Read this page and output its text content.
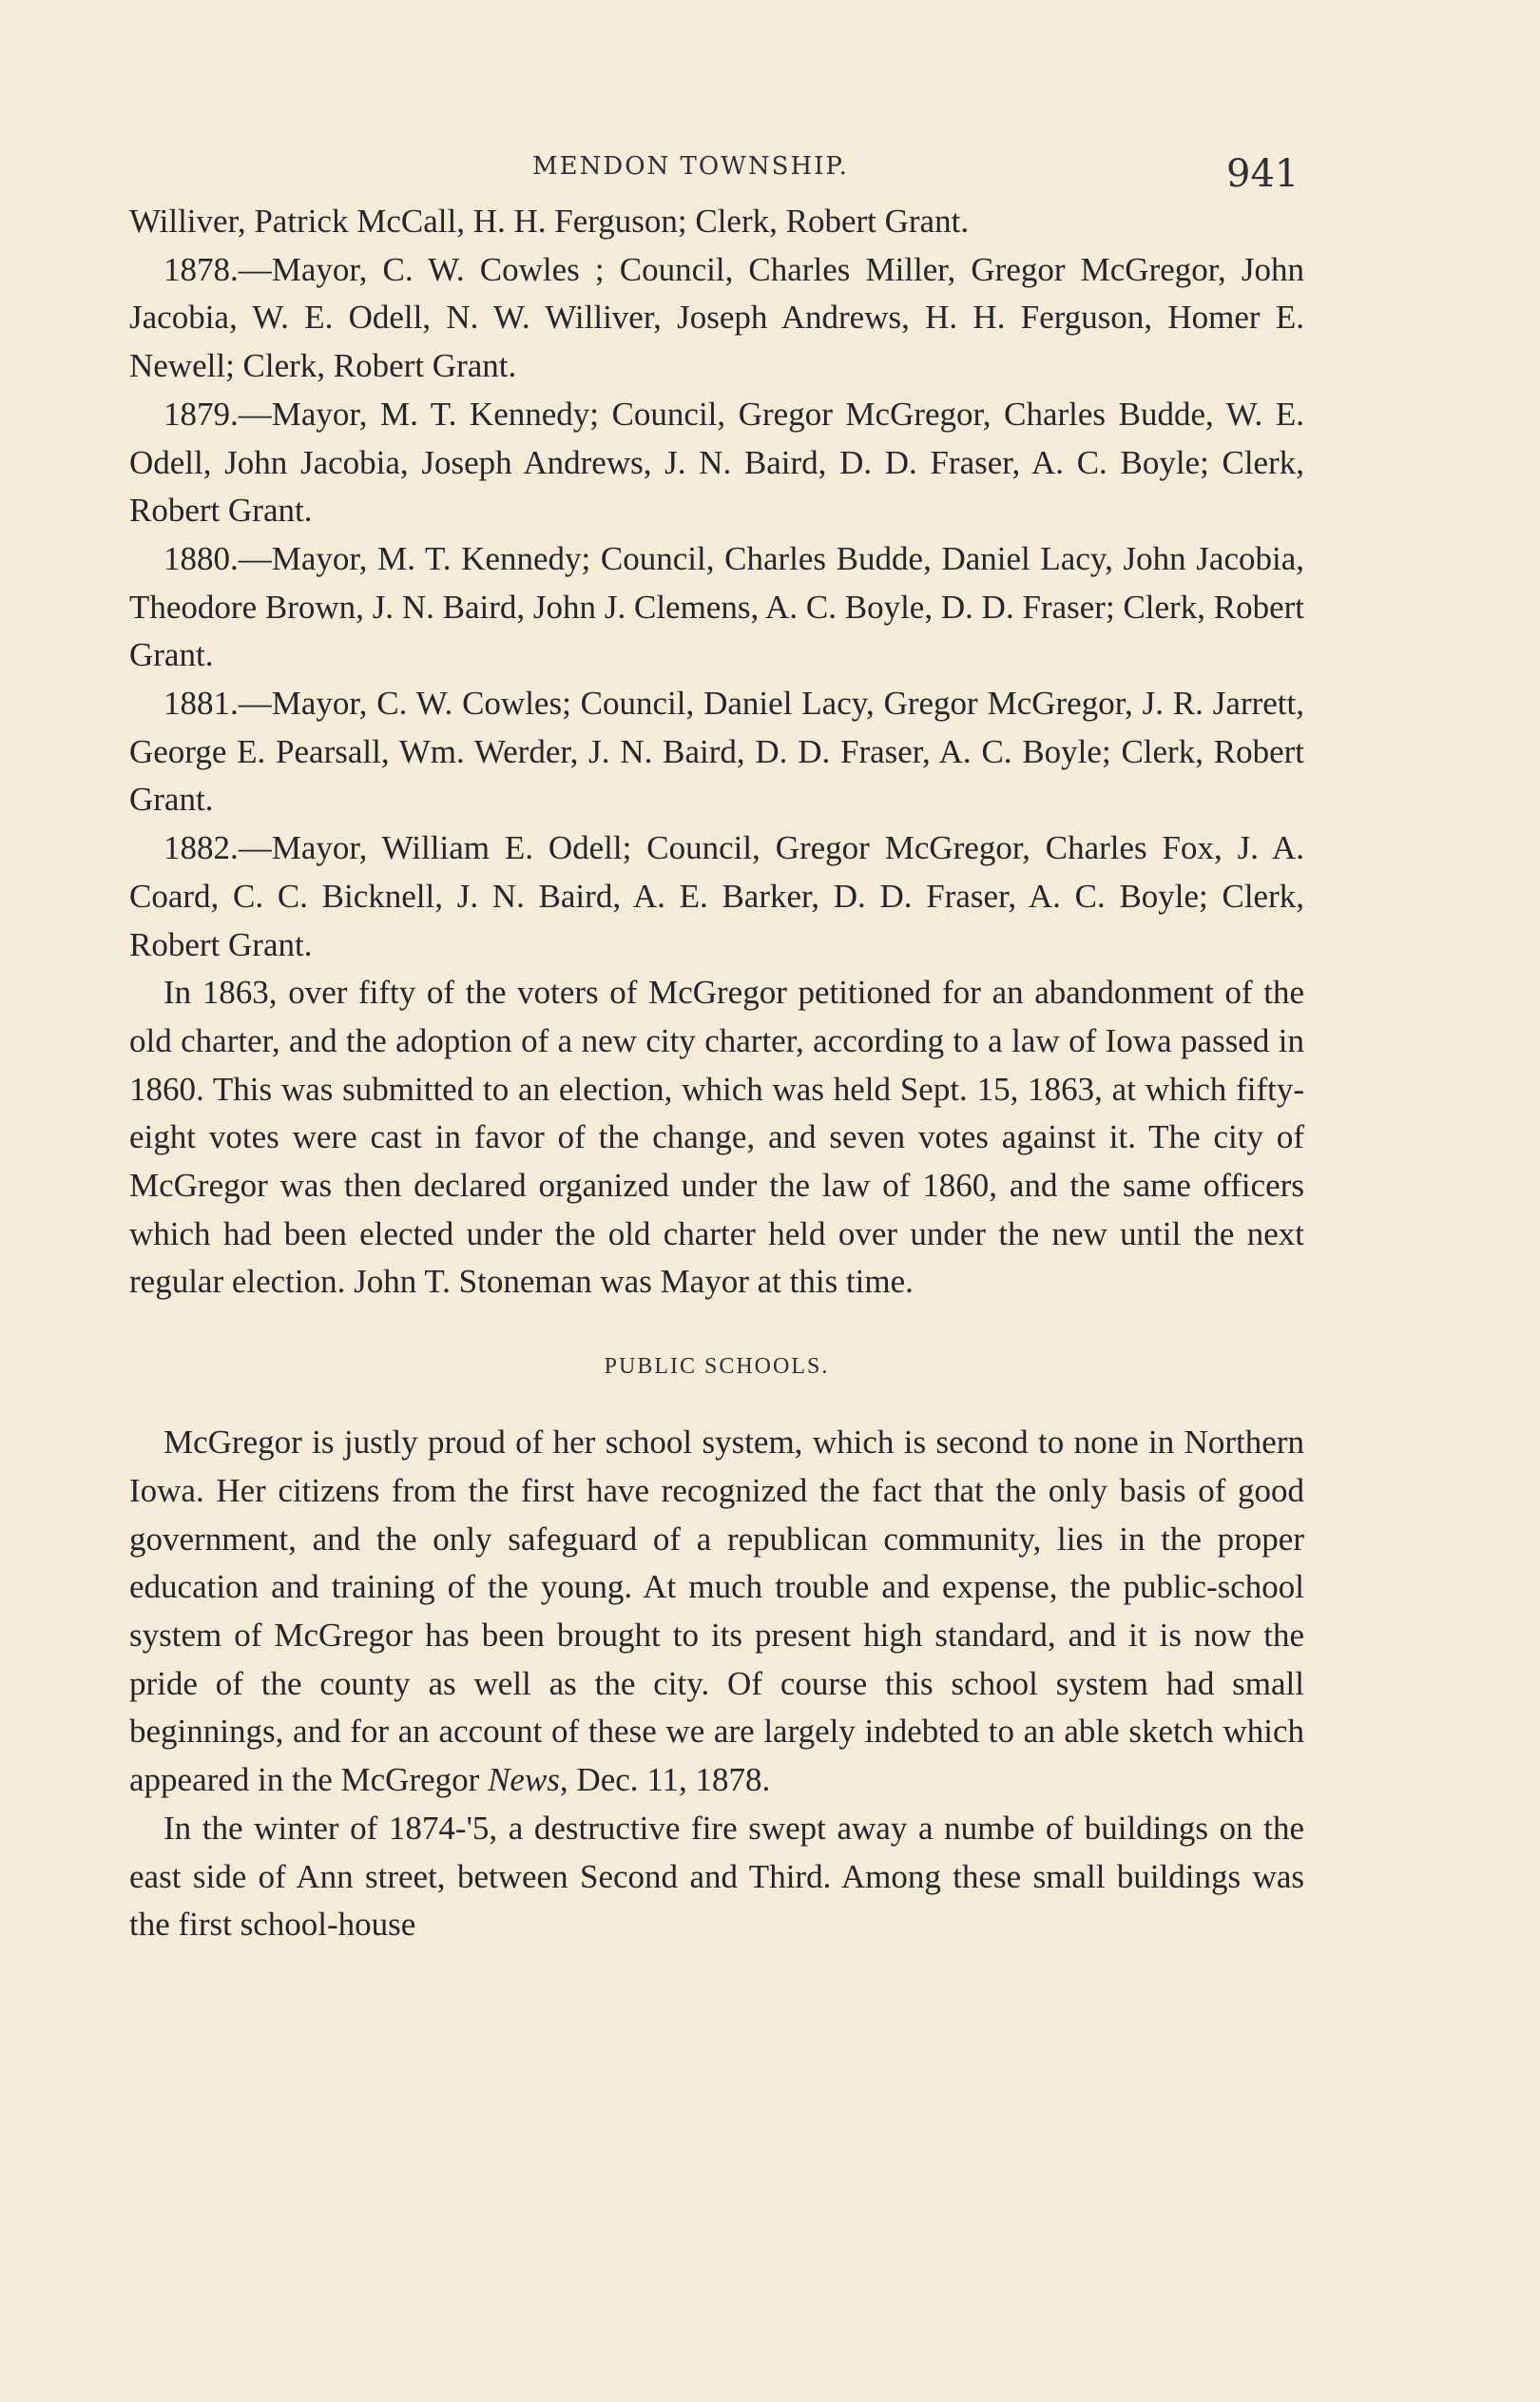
MENDON TOWNSHIP.	941

Williver, Patrick McCall, H. H. Ferguson; Clerk, Robert Grant.

1878.—Mayor, C. W. Cowles ; Council, Charles Miller, Gregor McGregor, John Jacobia, W. E. Odell, N. W. Williver, Joseph Andrews, H. H. Ferguson, Homer E. Newell; Clerk, Robert Grant.

1879.—Mayor, M. T. Kennedy; Council, Gregor McGregor, Charles Budde, W. E. Odell, John Jacobia, Joseph Andrews, J. N. Baird, D. D. Fraser, A. C. Boyle; Clerk, Robert Grant.

1880.—Mayor, M. T. Kennedy; Council, Charles Budde, Daniel Lacy, John Jacobia, Theodore Brown, J. N. Baird, John J. Clemens, A. C. Boyle, D. D. Fraser; Clerk, Robert Grant.

1881.—Mayor, C. W. Cowles; Council, Daniel Lacy, Gregor McGregor, J. R. Jarrett, George E. Pearsall, Wm. Werder, J. N. Baird, D. D. Fraser, A. C. Boyle; Clerk, Robert Grant.

1882.—Mayor, William E. Odell; Council, Gregor McGregor, Charles Fox, J. A. Coard, C. C. Bicknell, J. N. Baird, A. E. Barker, D. D. Fraser, A. C. Boyle; Clerk, Robert Grant.

In 1863, over fifty of the voters of McGregor petitioned for an abandonment of the old charter, and the adoption of a new city charter, according to a law of Iowa passed in 1860. This was submitted to an election, which was held Sept. 15, 1863, at which fifty-eight votes were cast in favor of the change, and seven votes against it. The city of McGregor was then declared organized under the law of 1860, and the same officers which had been elected under the old charter held over under the new until the next regular election. John T. Stoneman was Mayor at this time.

PUBLIC SCHOOLS.

McGregor is justly proud of her school system, which is second to none in Northern Iowa. Her citizens from the first have recognized the fact that the only basis of good government, and the only safeguard of a republican community, lies in the proper education and training of the young. At much trouble and expense, the public-school system of McGregor has been brought to its present high standard, and it is now the pride of the county as well as the city. Of course this school system had small beginnings, and for an account of these we are largely indebted to an able sketch which appeared in the McGregor News, Dec. 11, 1878.

In the winter of 1874-'5, a destructive fire swept away a numbe of buildings on the east side of Ann street, between Second and Third. Among these small buildings was the first school-house
